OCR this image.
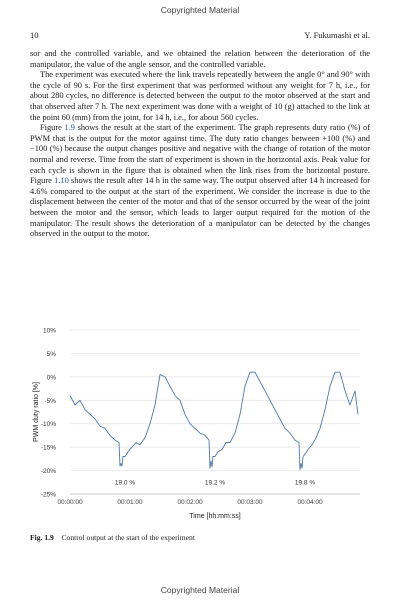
Copyrighted Material
10	Y. Fukumashi et al.

sor and the controlled variable, and we obtained the relation between the deterioration of the manipulator, the value of the angle sensor, and the controlled variable.

The experiment was executed where the link travels repeatedly between the angle 0° and 90° with the cycle of 90 s. For the first experiment that was performed without any weight for 7 h, i.e., for about 280 cycles, no difference is detected between the output to the motor observed at the start and that observed after 7 h. The next experiment was done with a weight of 10 (g) attached to the link at the point 60 (mm) from the joint, for 14 h, i.e., for about 560 cycles.

Figure 1.9 shows the result at the start of the experiment. The graph represents duty ratio (%) of PWM that is the output for the motor against time. The duty ratio changes between +100 (%) and −100 (%) because the output changes positive and negative with the change of rotation of the motor normal and reverse. Time from the start of experiment is shown in the horizontal axis. Peak value for each cycle is shown in the figure that is obtained when the link rises from the horizontal posture. Figure 1.10 shows the result after 14 h in the same way. The output observed after 14 h increased for 4.6% compared to the output at the start of the experiment. We consider the increase is due to the displacement between the center of the motor and that of the sensor occurred by the wear of the joint between the motor and the sensor, which leads to larger output required for the motion of the manipulator. The result shows the deterioration of a manipulator can be detected by the changes observed in the output to the motor.

10%
5%
0%
-5%
-10%
-15%
-20%
-25%
00:00:00	00:01:00	00:02:00	00:03:00	00:04:00
Time [hh:mm:ss]
PWM duty ratio [%]
19.0 %	19.2 %	19.8 %
Fig. 1.9 Control output at the start of the experiment
Copyrighted Material
